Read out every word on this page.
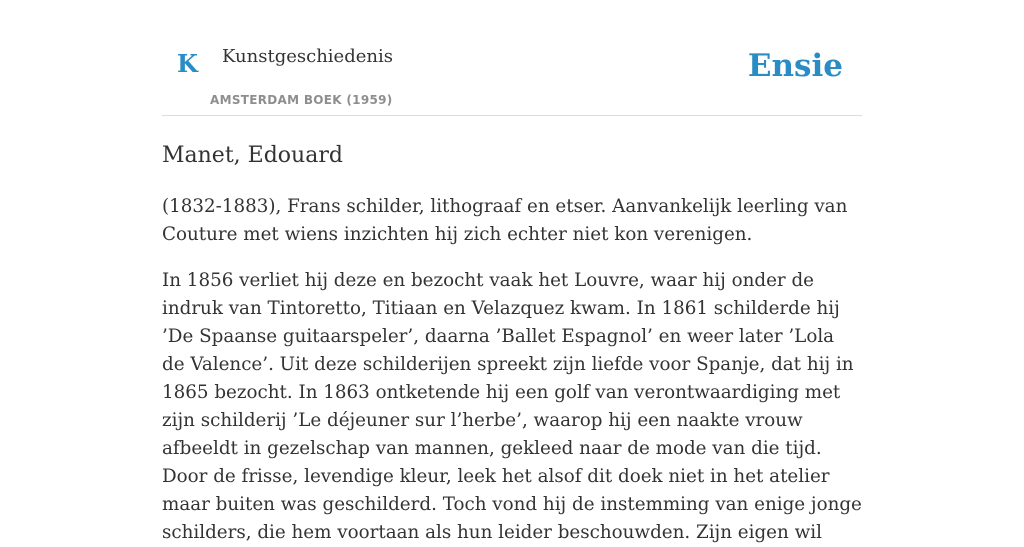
K Kunstgeschiedenis
AMSTERDAM BOEK (1959)
Ensie
Manet, Edouard

(1832-1883), Frans schilder, lithograaf en etser. Aanvankelijk leerling van Couture met wiens inzichten hij zich echter niet kon verenigen.

In 1856 verliet hij deze en bezocht vaak het Louvre, waar hij onder de indruk van Tintoretto, Titiaan en Velazquez kwam. In 1861 schilderde hij ’De Spaanse guitaarspeler’, daarna ’Ballet Espagnol’ en weer later ’Lola de Valence’. Uit deze schilderijen spreekt zijn liefde voor Spanje, dat hij in 1865 bezocht. In 1863 ontketende hij een golf van verontwaardiging met zijn schilderij ’Le déjeuner sur l’herbe’, waarop hij een naakte vrouw afbeeldt in gezelschap van mannen, gekleed naar de mode van die tijd. Door de frisse, levendige kleur, leek het alsof dit doek niet in het atelier maar buiten was geschilderd. Toch vond hij de instemming van enige jonge schilders, die hem voortaan als hun leider beschouwden. Zijn eigen wil
